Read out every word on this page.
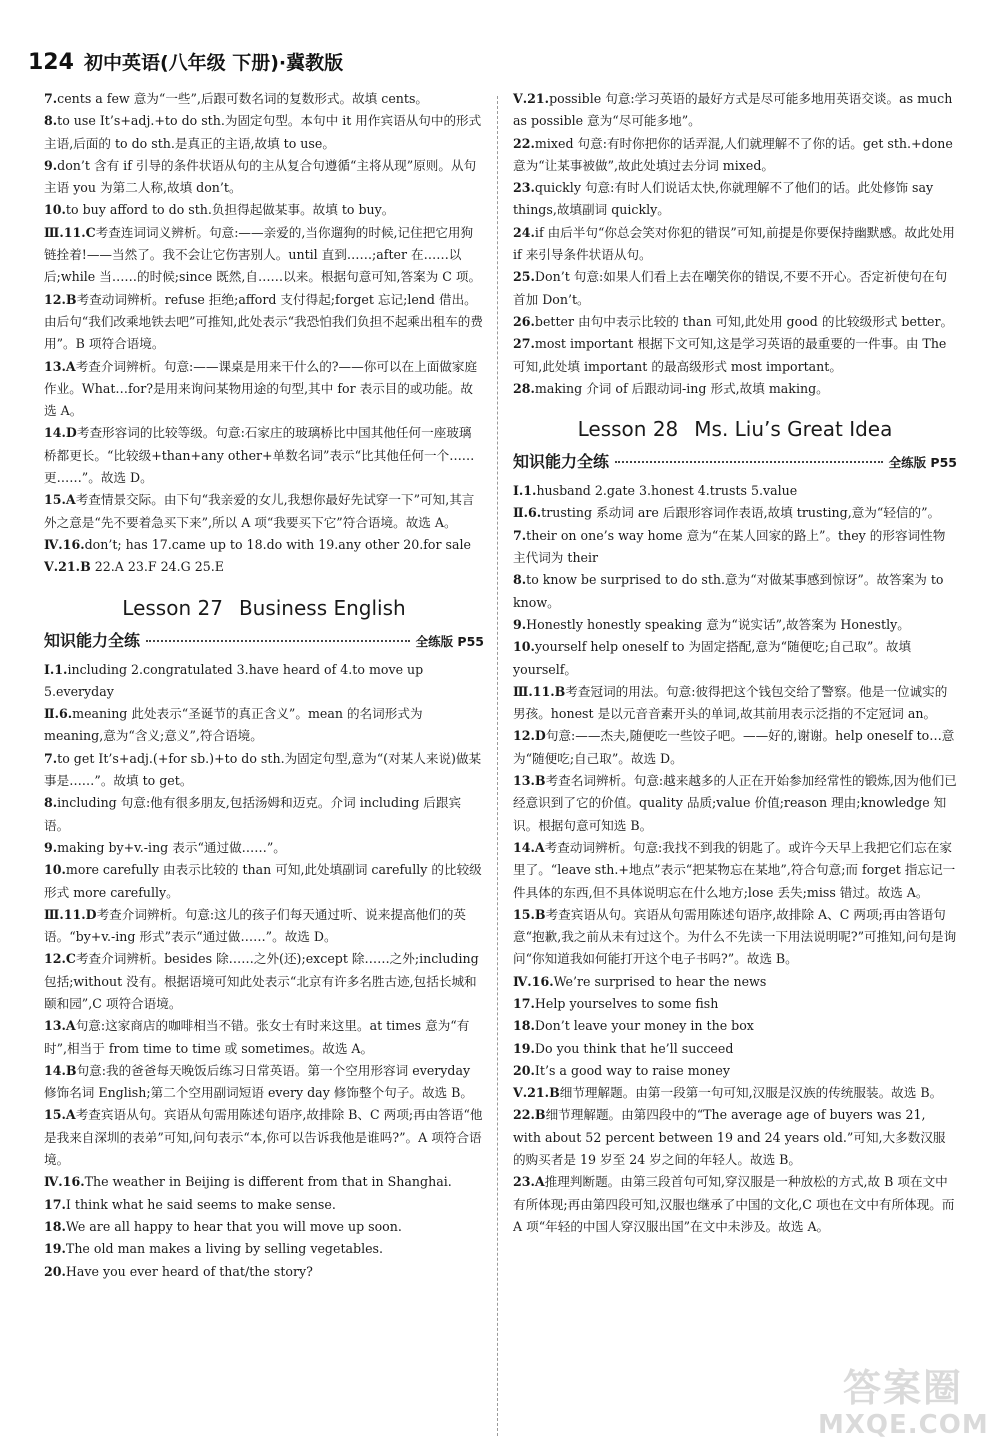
124 初中英语(八年级 下册)·冀教版
7.cents a few 意为“一些”,后跟可数名词的复数形式。故填 cents。
8.to use It’s+adj.+to do sth.为固定句型。本句中 it 用作宾语从句中的形式主语,后面的 to do sth.是真正的主语,故填 to use。
9.don’t 含有 if 引导的条件状语从句的主从复合句遵循“主将从现”原则。从句主语 you 为第二人称,故填 don’t。
10.to buy afford to do sth.负担得起做某事。故填 to buy。
Ⅲ.11.C考查连词词义辨析。句意:——亲爱的,当你遛狗的时候,记住把它用狗链拴着!——当然了。我不会让它伤害别人。until 直到……;after 在……以后;while 当……的时候;since 既然,自……以来。根据句意可知,答案为 C 项。
12.B考查动词辨析。refuse 拒绝;afford 支付得起;forget 忘记;lend 借出。由后句“我们改乘地铁去吧”可推知,此处表示“我恐怕我们负担不起乘出租车的费用”。B 项符合语境。
13.A考查介词辨析。句意:——课桌是用来干什么的?——你可以在上面做家庭作业。What…for?是用来询问某物用途的句型,其中 for 表示目的或功能。故选 A。
14.D考查形容词的比较等级。句意:石家庄的玻璃桥比中国其他任何一座玻璃桥都更长。“比较级+than+any other+单数名词”表示“比其他任何一个……更……”。故选 D。
15.A考查情景交际。由下句“我亲爱的女儿,我想你最好先试穿一下”可知,其言外之意是“先不要着急买下来”,所以 A 项“我要买下它”符合语境。故选 A。
Ⅳ.16.don’t; has 17.came up to 18.do with 19.any other 20.for sale
Ⅴ.21.B 22.A 23.F 24.G 25.E
Lesson 27 Business English
知识能力全练	全练版 P55
Ⅰ.1.including 2.congratulated 3.have heard of 4.to move up 5.everyday
Ⅱ.6.meaning 此处表示“圣诞节的真正含义”。mean 的名词形式为 meaning,意为“含义;意义”,符合语境。
7.to get It’s+adj.(+for sb.)+to do sth.为固定句型,意为“(对某人来说)做某事是……”。故填 to get。
8.including 句意:他有很多朋友,包括汤姆和迈克。介词 including 后跟宾语。
9.making by+v.-ing 表示“通过做……”。
10.more carefully 由表示比较的 than 可知,此处填副词 carefully 的比较级形式 more carefully。
Ⅲ.11.D考查介词辨析。句意:这儿的孩子们每天通过听、说来提高他们的英语。“by+v.-ing 形式”表示“通过做……”。故选 D。
12.C考查介词辨析。besides 除……之外(还);except 除……之外;including 包括;without 没有。根据语境可知此处表示“北京有许多名胜古迹,包括长城和颐和园”,C 项符合语境。
13.A句意:这家商店的咖啡相当不错。张女士有时来这里。at times 意为“有时”,相当于 from time to time 或 sometimes。故选 A。
14.B句意:我的爸爸每天晚饭后练习日常英语。第一个空用形容词 everyday 修饰名词 English;第二个空用副词短语 every day 修饰整个句子。故选 B。
15.A考查宾语从句。宾语从句需用陈述句语序,故排除 B、C 两项;再由答语“他是我来自深圳的表弟”可知,问句表示“本,你可以告诉我他是谁吗?”。A 项符合语境。
Ⅳ.16.The weather in Beijing is different from that in Shanghai.
17.I think what he said seems to make sense.
18.We are all happy to hear that you will move up soon.
19.The old man makes a living by selling vegetables.
20.Have you ever heard of that/the story?
Ⅴ.21.possible 句意:学习英语的最好方式是尽可能多地用英语交谈。as much as possible 意为“尽可能多地”。
22.mixed 句意:有时你把你的话弄混,人们就理解不了你的话。get sth.+done 意为“让某事被做”,故此处填过去分词 mixed。
23.quickly 句意:有时人们说话太快,你就理解不了他们的话。此处修饰 say things,故填副词 quickly。
24.if 由后半句“你总会笑对你犯的错误”可知,前提是你要保持幽默感。故此处用 if 来引导条件状语从句。
25.Don’t 句意:如果人们看上去在嘲笑你的错误,不要不开心。否定祈使句在句首加 Don’t。
26.better 由句中表示比较的 than 可知,此处用 good 的比较级形式 better。
27.most important 根据下文可知,这是学习英语的最重要的一件事。由 The 可知,此处填 important 的最高级形式 most important。
28.making 介词 of 后跟动词-ing 形式,故填 making。
Lesson 28 Ms. Liu’s Great Idea
知识能力全练	全练版 P55
Ⅰ.1.husband 2.gate 3.honest 4.trusts 5.value
Ⅱ.6.trusting 系动词 are 后跟形容词作表语,故填 trusting,意为“轻信的”。
7.their on one’s way home 意为“在某人回家的路上”。they 的形容词性物主代词为 their
8.to know be surprised to do sth.意为“对做某事感到惊讶”。故答案为 to know。
9.Honestly honestly speaking 意为“说实话”,故答案为 Honestly。
10.yourself help oneself to 为固定搭配,意为“随便吃;自己取”。故填 yourself。
Ⅲ.11.B考查冠词的用法。句意:彼得把这个钱包交给了警察。他是一位诚实的男孩。honest 是以元音音素开头的单词,故其前用表示泛指的不定冠词 an。
12.D句意:——杰夫,随便吃一些饺子吧。——好的,谢谢。help oneself to…意为“随便吃;自己取”。故选 D。
13.B考查名词辨析。句意:越来越多的人正在开始参加经常性的锻炼,因为他们已经意识到了它的价值。quality 品质;value 价值;reason 理由;knowledge 知识。根据句意可知选 B。
14.A考查动词辨析。句意:我找不到我的钥匙了。或许今天早上我把它们忘在家里了。“leave sth.+地点”表示“把某物忘在某地”,符合句意;而 forget 指忘记一件具体的东西,但不具体说明忘在什么地方;lose 丢失;miss 错过。故选 A。
15.B考查宾语从句。宾语从句需用陈述句语序,故排除 A、C 两项;再由答语句意“抱歉,我之前从未有过这个。为什么不先读一下用法说明呢?”可推知,问句是询问“你知道我如何能打开这个电子书吗?”。故选 B。
Ⅳ.16.We’re surprised to hear the news
17.Help yourselves to some fish
18.Don’t leave your money in the box
19.Do you think that he’ll succeed
20.It’s a good way to raise money
Ⅴ.21.B细节理解题。由第一段第一句可知,汉服是汉族的传统服装。故选 B。
22.B细节理解题。由第四段中的“The average age of buyers was 21, with about 52 percent between 19 and 24 years old.”可知,大多数汉服的购买者是 19 岁至 24 岁之间的年轻人。故选 B。
23.A推理判断题。由第三段首句可知,穿汉服是一种放松的方式,故 B 项在文中有所体现;再由第四段可知,汉服也继承了中国的文化,C 项也在文中有所体现。而 A 项“年轻的中国人穿汉服出国”在文中未涉及。故选 A。
答案圈
MXQE.COM
